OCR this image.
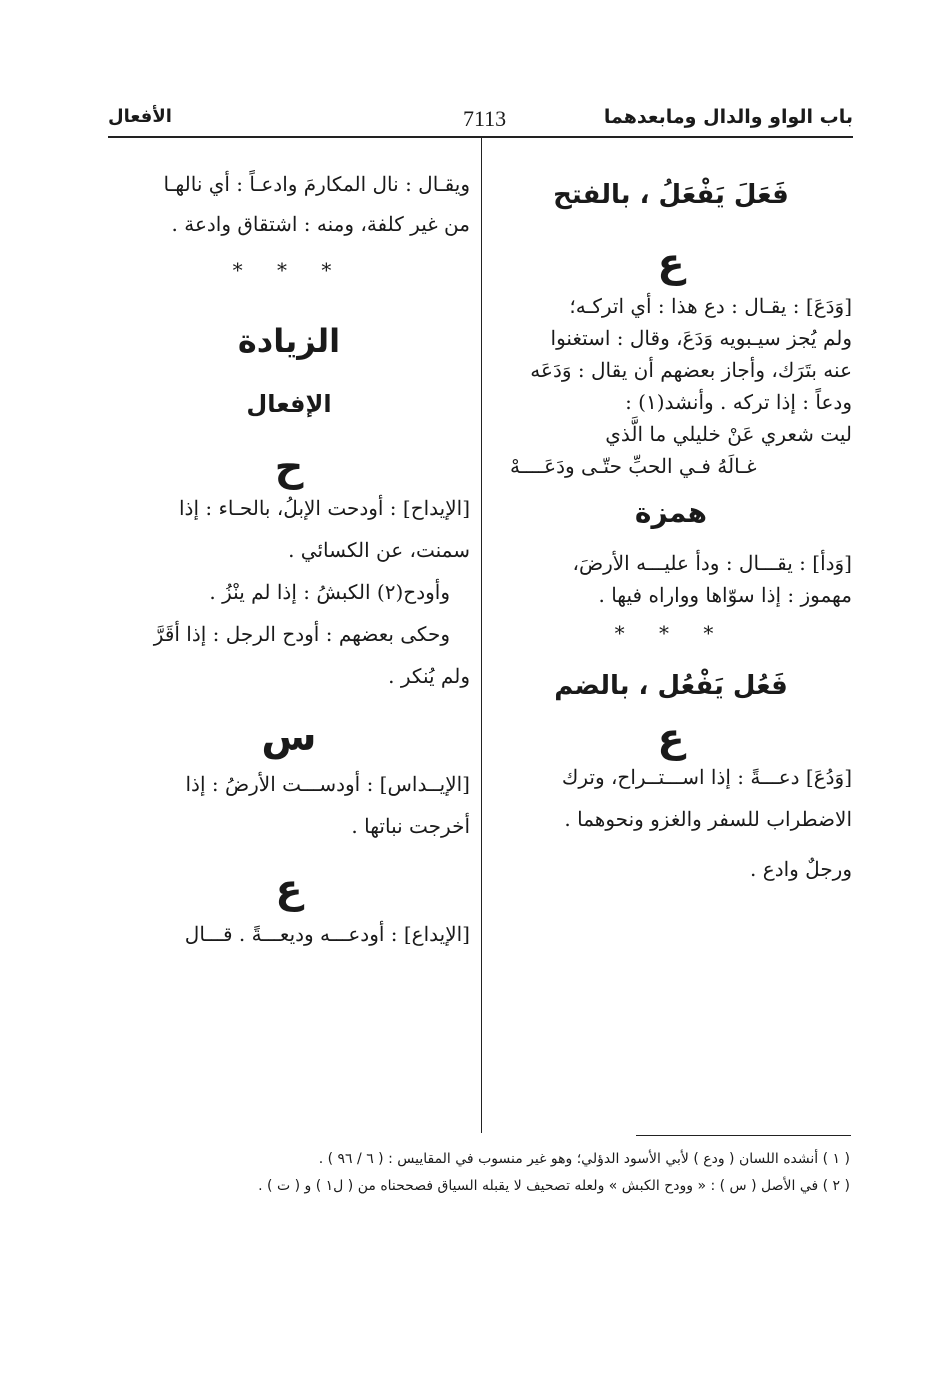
باب الواو والدال ومابعدهما
7113
الأفعال

فَعَلَ يَفْعَلُ ، بالفتح

ع

[وَدَعَ] : يقـال : دع هذا : أي اتركـه؛

ولم يُجز سيـبويه وَدَعَ، وقال : استغنوا

عنه بتَرَك، وأجاز بعضهم أن يقال : وَدَعَه

ودعاً : إذا تركه . وأنشد(١) :

ليت شعري عَنْ خليلي ما الَّذي

غـالَهُ فـي الحبِّ حتّـى ودَعَــــهْ

همزة

[وَدأ] : يقـــال : ودأ عليـــه الأرضَ،

مهموز : إذا سوّاها وواراه فيها .

* * *

فَعُل يَفْعُل ، بالضم

ع

[وَدُعَ] دعـــةً : إذا اســـتــراح، وترك

الاضطراب للسفر والغزو ونحوهما .

ورجلٌ وادع .

ويقـال : نال المكارمَ وادعـاً : أي نالهـا

من غير كلفة، ومنه : اشتقاق وادعة .

* * *

الزيادة

الإفعال

ح

[الإيداح] : أودحت الإبلُ، بالحـاء : إذا

سمنت، عن الكسائي .

وأودح(٢) الكبشُ : إذا لم ينْزُ .

وحكى بعضهم : أودح الرجل : إذا أقَرَّ

ولم يُنكر .

س

[الإيــداس] : أودســـت الأرضُ : إذا

أخرجت نباتها .

ع

[الإيداع] : أودعـــه وديعـــةً . قـــال

( ١ ) أنشده اللسان ( ودع ) لأبي الأسود الدؤلي؛ وهو غير منسوب في المقاييس : ( ٦ / ٩٦ ) .

( ٢ ) في الأصل ( س ) : « وودح الكبش » ولعله تصحيف لا يقبله السياق فصححناه من ( ل١ ) و ( ت ) .
